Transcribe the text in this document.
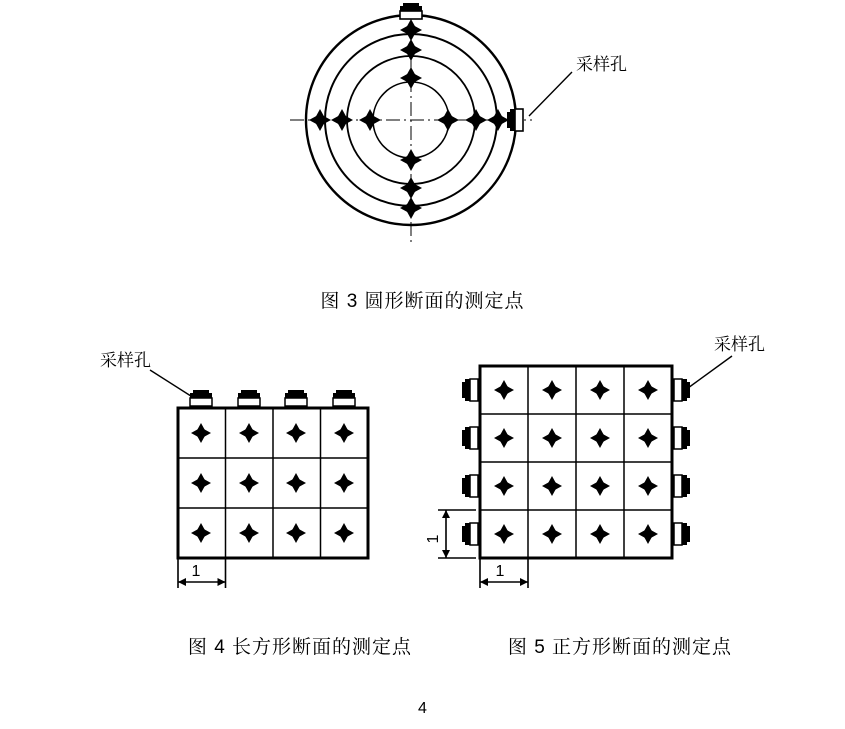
采样孔
图 3 圆形断面的测定点
采样孔
1
采样孔
1
1
图 4 长方形断面的测定点	图 5 正方形断面的测定点
4
